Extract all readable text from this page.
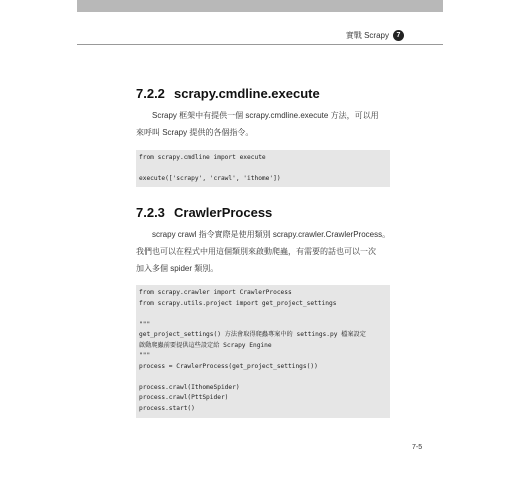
實戰 Scrapy	7
7.2.2 scrapy.cmdline.execute
Scrapy 框架中有提供一個 scrapy.cmdline.execute 方法，可以用
來呼叫 Scrapy 提供的各個指令。
from scrapy.cmdline import execute
execute(['scrapy', 'crawl', 'ithome'])
7.2.3 CrawlerProcess
scrapy crawl 指令實際是使用類別 scrapy.crawler.CrawlerProcess。
我們也可以在程式中用這個類別來啟動爬蟲，有需要的話也可以一次
加入多個 spider 類別。
from scrapy.crawler import CrawlerProcess
from scrapy.utils.project import get_project_settings
"""
get_project_settings() 方法會取得爬蟲專案中的 settings.py 檔案設定
啟動爬蟲前要提供這些設定給 Scrapy Engine
"""
process = CrawlerProcess(get_project_settings())
process.crawl(IthomeSpider)
process.crawl(PttSpider)
process.start()
7-5
